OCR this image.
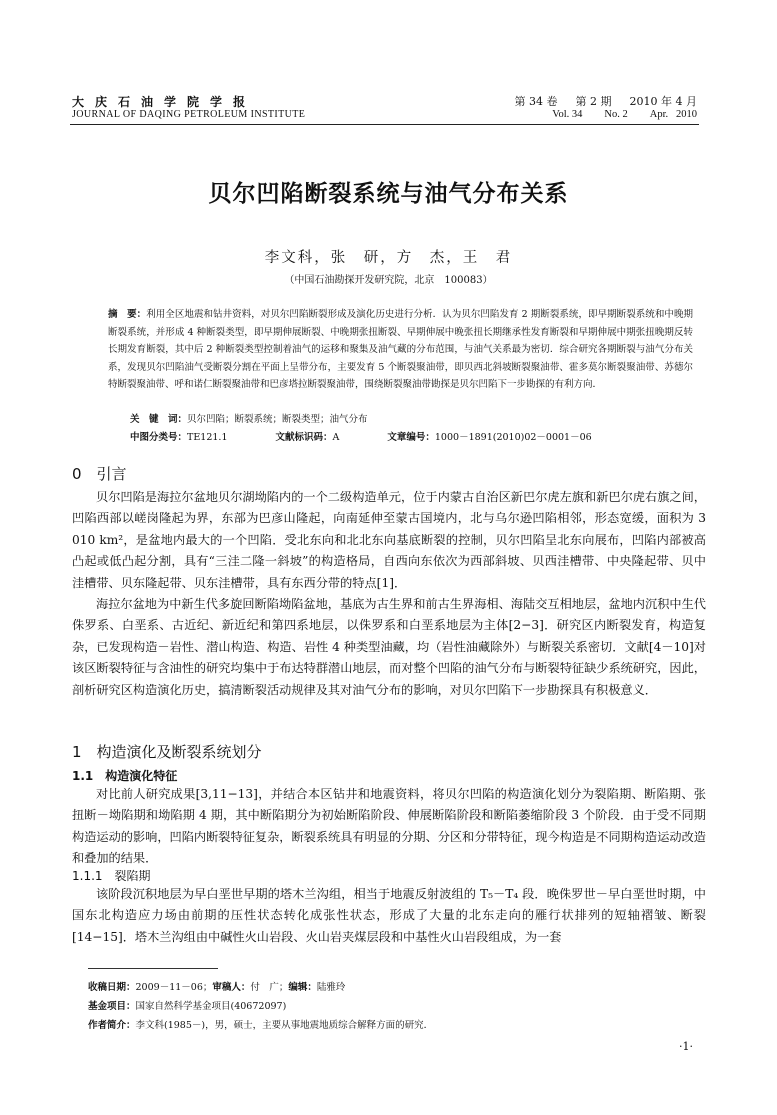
大庆石油学院学报
JOURNAL OF DAQING PETROLEUM INSTITUTE
第 34 卷 第 2 期 2010 年 4 月
Vol. 34 No. 2 Apr.   2010
贝尔凹陷断裂系统与油气分布关系
李文科，张　研，方　杰，王　君
（中国石油勘探开发研究院，北京　100083）
摘　要：利用全区地震和钻井资料，对贝尔凹陷断裂形成及演化历史进行分析．认为贝尔凹陷发育 2 期断裂系统，即早期断裂系统和中晚期断裂系统，并形成 4 种断裂类型，即早期伸展断裂、中晚期张扭断裂、早期伸展中晚张扭长期继承性发育断裂和早期伸展中期张扭晚期反转长期发育断裂，其中后 2 种断裂类型控制着油气的运移和聚集及油气藏的分布范围，与油气关系最为密切．综合研究各期断裂与油气分布关系，发现贝尔凹陷油气受断裂分割在平面上呈带分布，主要发育 5 个断裂聚油带，即贝西北斜坡断裂聚油带、霍多莫尔断裂聚油带、苏德尔特断裂聚油带、呼和诺仁断裂聚油带和巴彦塔拉断裂聚油带，围绕断裂聚油带勘探是贝尔凹陷下一步勘探的有利方向．
关　键　词：贝尔凹陷；断裂系统；断裂类型；油气分布
中图分类号：TE121.1	文献标识码：A	文章编号：1000－1891(2010)02－0001－06
0　引言
贝尔凹陷是海拉尔盆地贝尔湖坳陷内的一个二级构造单元，位于内蒙古自治区新巴尔虎左旗和新巴尔虎右旗之间，凹陷西部以嵯岗隆起为界，东部为巴彦山隆起，向南延伸至蒙古国境内，北与乌尔逊凹陷相邻，形态宽缓，面积为 3 010 km²，是盆地内最大的一个凹陷．受北东向和北北东向基底断裂的控制，贝尔凹陷呈北东向展布，凹陷内部被高凸起或低凸起分割，具有“三洼二隆一斜坡”的构造格局，自西向东依次为西部斜坡、贝西洼槽带、中央隆起带、贝中洼槽带、贝东隆起带、贝东洼槽带，具有东西分带的特点[1]．
海拉尔盆地为中新生代多旋回断陷坳陷盆地，基底为古生界和前古生界海相、海陆交互相地层，盆地内沉积中生代侏罗系、白垩系、古近纪、新近纪和第四系地层，以侏罗系和白垩系地层为主体[2−3]．研究区内断裂发育，构造复杂，已发现构造－岩性、潜山构造、构造、岩性 4 种类型油藏，均（岩性油藏除外）与断裂关系密切．文献[4－10]对该区断裂特征与含油性的研究均集中于布达特群潜山地层，而对整个凹陷的油气分布与断裂特征缺少系统研究，因此，剖析研究区构造演化历史，搞清断裂活动规律及其对油气分布的影响，对贝尔凹陷下一步勘探具有积极意义．
1　构造演化及断裂系统划分
1.1　构造演化特征
对比前人研究成果[3,11−13]，并结合本区钻井和地震资料，将贝尔凹陷的构造演化划分为裂陷期、断陷期、张扭断－坳陷期和坳陷期 4 期，其中断陷期分为初始断陷阶段、伸展断陷阶段和断陷萎缩阶段 3 个阶段．由于受不同期构造运动的影响，凹陷内断裂特征复杂，断裂系统具有明显的分期、分区和分带特征，现今构造是不同期构造运动改造和叠加的结果．
1.1.1　裂陷期
该阶段沉积地层为早白垩世早期的塔木兰沟组，相当于地震反射波组的 T₅－T₄ 段．晚侏罗世－早白垩世时期，中国东北构造应力场由前期的压性状态转化成张性状态，形成了大量的北东走向的雁行状排列的短轴褶皱、断裂[14−15]．塔木兰沟组由中碱性火山岩段、火山岩夹煤层段和中基性火山岩段组成，为一套
收稿日期：2009－11－06；审稿人：付　广；编辑：陆雅玲
基金项目：国家自然科学基金项目(40672097)
作者简介：李文科(1985－)，男，硕士，主要从事地震地质综合解释方面的研究．
·1·
